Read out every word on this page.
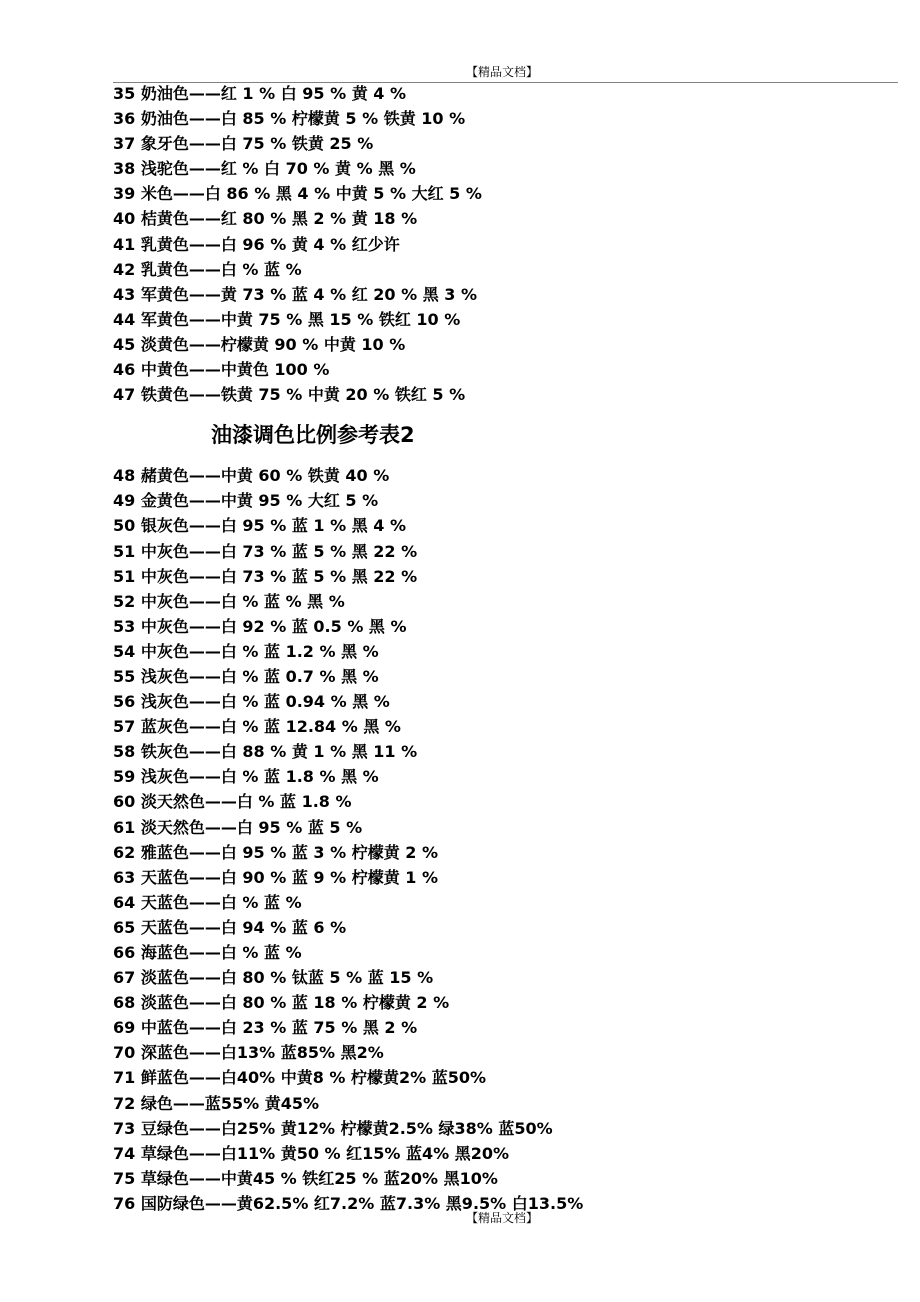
【精品文档】
35 奶油色——红 1 % 白 95 % 黄 4 %
36 奶油色——白 85 % 柠檬黄 5 % 铁黄 10 %
37 象牙色——白 75 % 铁黄 25 %
38 浅驼色——红 % 白 70 % 黄 % 黑 %
39 米色——白 86 % 黑 4 % 中黄 5 % 大红 5 %
40 桔黄色——红 80 % 黑 2 % 黄 18 %
41 乳黄色——白 96 % 黄 4 % 红少许
42 乳黄色——白 % 蓝 %
43 军黄色——黄 73 % 蓝 4 % 红 20 % 黑 3 %
44 军黄色——中黄 75 % 黑 15 % 铁红 10 %
45 淡黄色——柠檬黄 90 % 中黄 10 %
46 中黄色——中黄色 100 %
47 铁黄色——铁黄 75 % 中黄 20 % 铁红 5 %
油漆调色比例参考表2
48 赭黄色——中黄 60 % 铁黄 40 %
49 金黄色——中黄 95 % 大红 5 %
50 银灰色——白 95 % 蓝 1 % 黑 4 %
51 中灰色——白 73 % 蓝 5 % 黑 22 %
51 中灰色——白 73 % 蓝 5 % 黑 22 %
52 中灰色——白 % 蓝 % 黑 %
53 中灰色——白 92 % 蓝 0.5 % 黑 %
54 中灰色——白 % 蓝 1.2 % 黑 %
55 浅灰色——白 % 蓝 0.7 % 黑 %
56 浅灰色——白 % 蓝 0.94 % 黑 %
57 蓝灰色——白 % 蓝 12.84 % 黑 %
58 铁灰色——白 88 % 黄 1 % 黑 11 %
59 浅灰色——白 % 蓝 1.8 % 黑 %
60 淡天然色——白 % 蓝 1.8 %
61 淡天然色——白 95 % 蓝 5 %
62 雅蓝色——白 95 % 蓝 3 % 柠檬黄 2 %
63 天蓝色——白 90 % 蓝 9 % 柠檬黄 1 %
64 天蓝色——白 % 蓝 %
65 天蓝色——白 94 % 蓝 6 %
66 海蓝色——白 % 蓝 %
67 淡蓝色——白 80 % 钛蓝 5 % 蓝 15 %
68 淡蓝色——白 80 % 蓝 18 % 柠檬黄 2 %
69 中蓝色——白 23 % 蓝 75 % 黑 2 %
70 深蓝色——白13% 蓝85% 黑2%
71 鲜蓝色——白40% 中黄8 % 柠檬黄2% 蓝50%
72 绿色——蓝55% 黄45%
73 豆绿色——白25% 黄12% 柠檬黄2.5% 绿38% 蓝50%
74 草绿色——白11% 黄50 % 红15% 蓝4% 黑20%
75 草绿色——中黄45 % 铁红25 % 蓝20% 黑10%
76 国防绿色——黄62.5% 红7.2% 蓝7.3% 黑9.5% 白13.5%
【精品文档】
